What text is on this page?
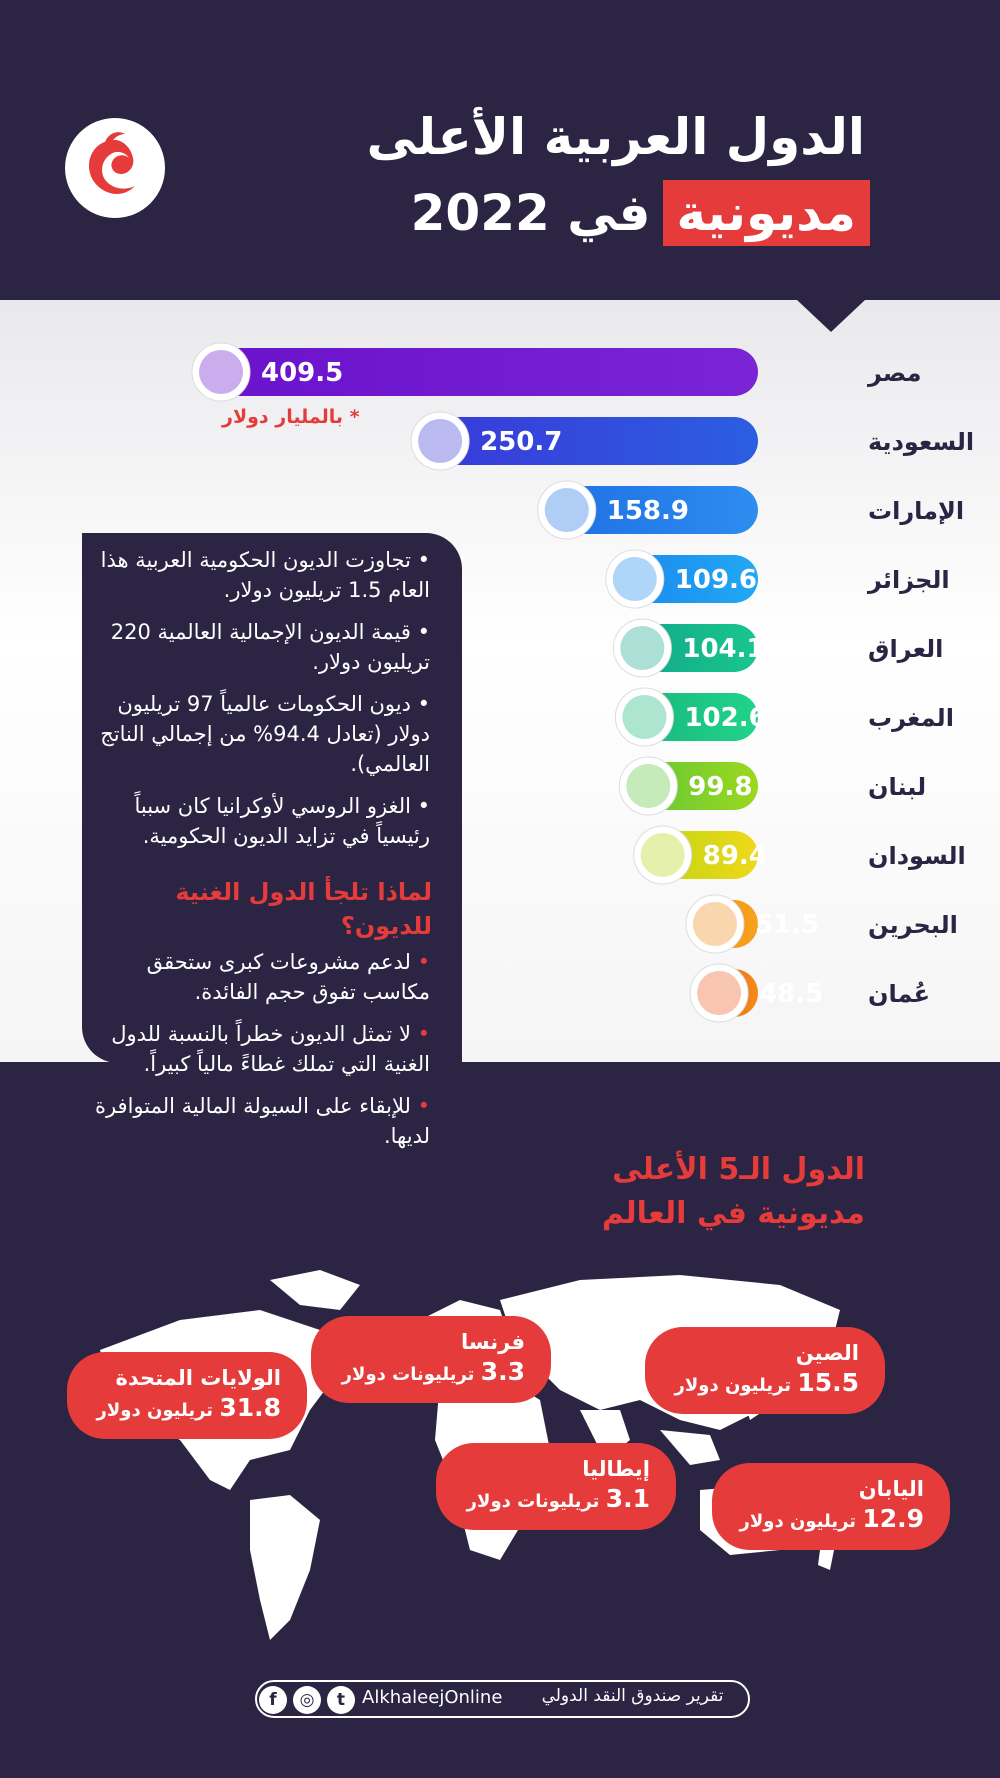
الدول العربية الأعلى
مديونية
في 2022
409.5	مصر
250.7	السعودية
158.9	الإمارات
109.6	الجزائر
104.1	العراق
102.6	المغرب
99.8	لبنان
89.4	السودان
51.5 البحرين
48.5 عُمان
* بالمليار دولار
• تجاوزت الديون الحكومية العربية هذا العام 1.5 تريليون دولار.
• قيمة الديون الإجمالية العالمية 220 تريليون دولار.
• ديون الحكومات عالمياً 97 تريليون دولار (تعادل 94.4% من إجمالي الناتج العالمي).
• الغزو الروسي لأوكرانيا كان سبباً رئيسياً في تزايد الديون الحكومية.
لماذا تلجأ الدول الغنية للديون؟
• لدعم مشروعات كبرى ستحقق مكاسب تفوق حجم الفائدة.
• لا تمثل الديون خطراً بالنسبة للدول الغنية التي تملك غطاءً مالياً كبيراً.
• للإبقاء على السيولة المالية المتوافرة لديها.
الدول الـ5 الأعلى مديونية في العالم
الصين
15.5 تريليون دولار
فرنسا
3.3 تريليونات دولار
الولايات المتحدة
31.8 تريليون دولار
إيطاليا
3.1 تريليونات دولار
اليابان
12.9 تريليون دولار
تقرير صندوق النقد الدولي
AlkhaleejOnline
t
◎
f
